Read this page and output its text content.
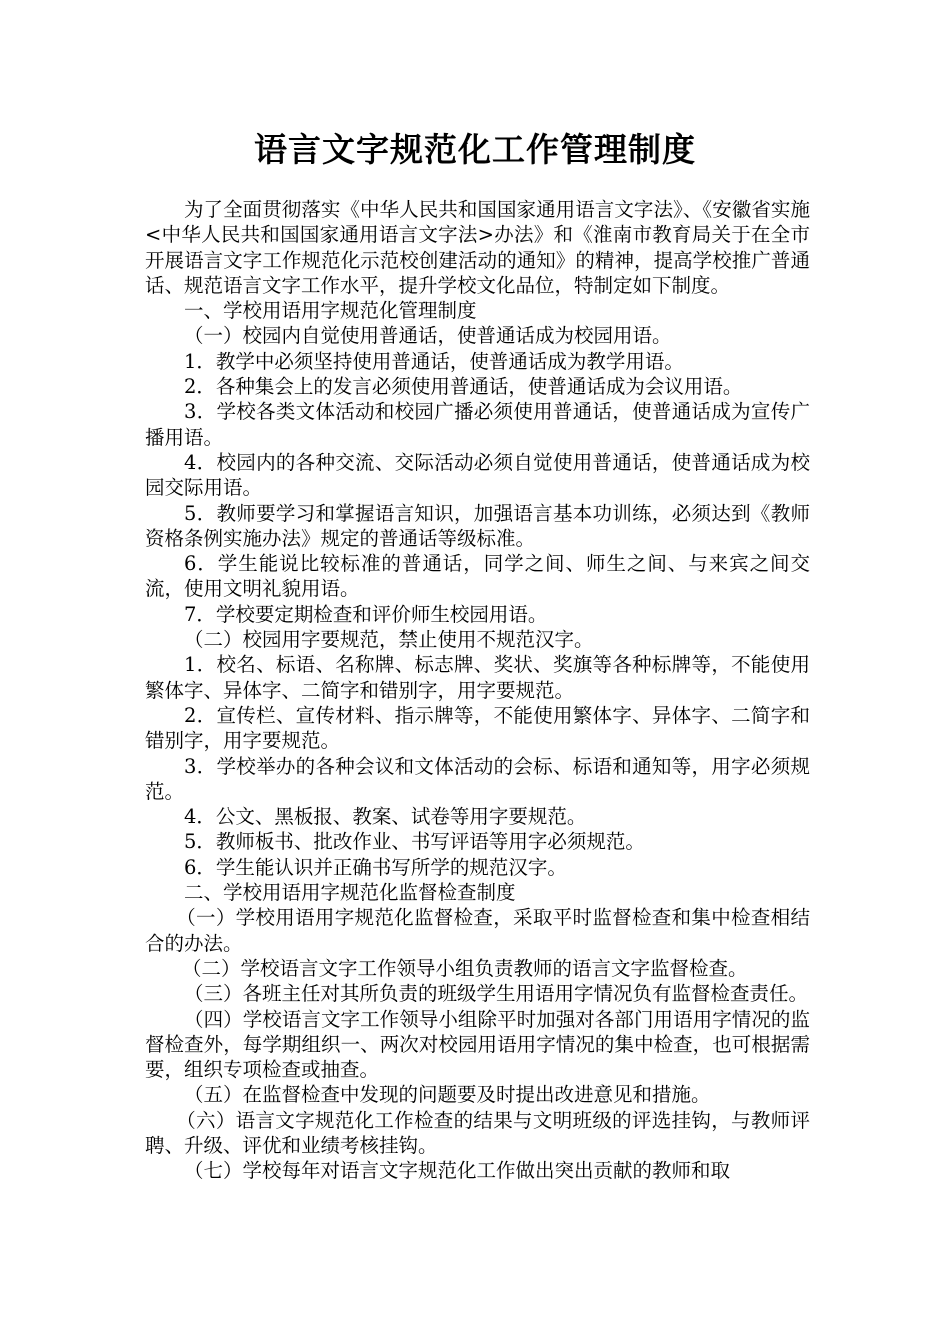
语言文字规范化工作管理制度

为了全面贯彻落实《中华人民共和国国家通用语言文字法》、《安徽省实施<中华人民共和国国家通用语言文字法>办法》和《淮南市教育局关于在全市开展语言文字工作规范化示范校创建活动的通知》的精神，提高学校推广普通话、规范语言文字工作水平，提升学校文化品位，特制定如下制度。

一、学校用语用字规范化管理制度

（一）校园内自觉使用普通话，使普通话成为校园用语。

1．教学中必须坚持使用普通话，使普通话成为教学用语。

2．各种集会上的发言必须使用普通话，使普通话成为会议用语。

3．学校各类文体活动和校园广播必须使用普通话，使普通话成为宣传广播用语。

4．校园内的各种交流、交际活动必须自觉使用普通话，使普通话成为校园交际用语。

5．教师要学习和掌握语言知识，加强语言基本功训练，必须达到《教师资格条例实施办法》规定的普通话等级标准。

6．学生能说比较标准的普通话，同学之间、师生之间、与来宾之间交流，使用文明礼貌用语。

7．学校要定期检查和评价师生校园用语。

（二）校园用字要规范，禁止使用不规范汉字。

1．校名、标语、名称牌、标志牌、奖状、奖旗等各种标牌等，不能使用繁体字、异体字、二简字和错别字，用字要规范。

2．宣传栏、宣传材料、指示牌等，不能使用繁体字、异体字、二简字和错别字，用字要规范。

3．学校举办的各种会议和文体活动的会标、标语和通知等，用字必须规范。

4．公文、黑板报、教案、试卷等用字要规范。

5．教师板书、批改作业、书写评语等用字必须规范。

6．学生能认识并正确书写所学的规范汉字。

二、学校用语用字规范化监督检查制度

（一）学校用语用字规范化监督检查，采取平时监督检查和集中检查相结合的办法。

（二）学校语言文字工作领导小组负责教师的语言文字监督检查。

（三）各班主任对其所负责的班级学生用语用字情况负有监督检查责任。

（四）学校语言文字工作领导小组除平时加强对各部门用语用字情况的监督检查外，每学期组织一、两次对校园用语用字情况的集中检查，也可根据需要，组织专项检查或抽查。

（五）在监督检查中发现的问题要及时提出改进意见和措施。

（六）语言文字规范化工作检查的结果与文明班级的评选挂钩，与教师评聘、升级、评优和业绩考核挂钩。

（七）学校每年对语言文字规范化工作做出突出贡献的教师和取
